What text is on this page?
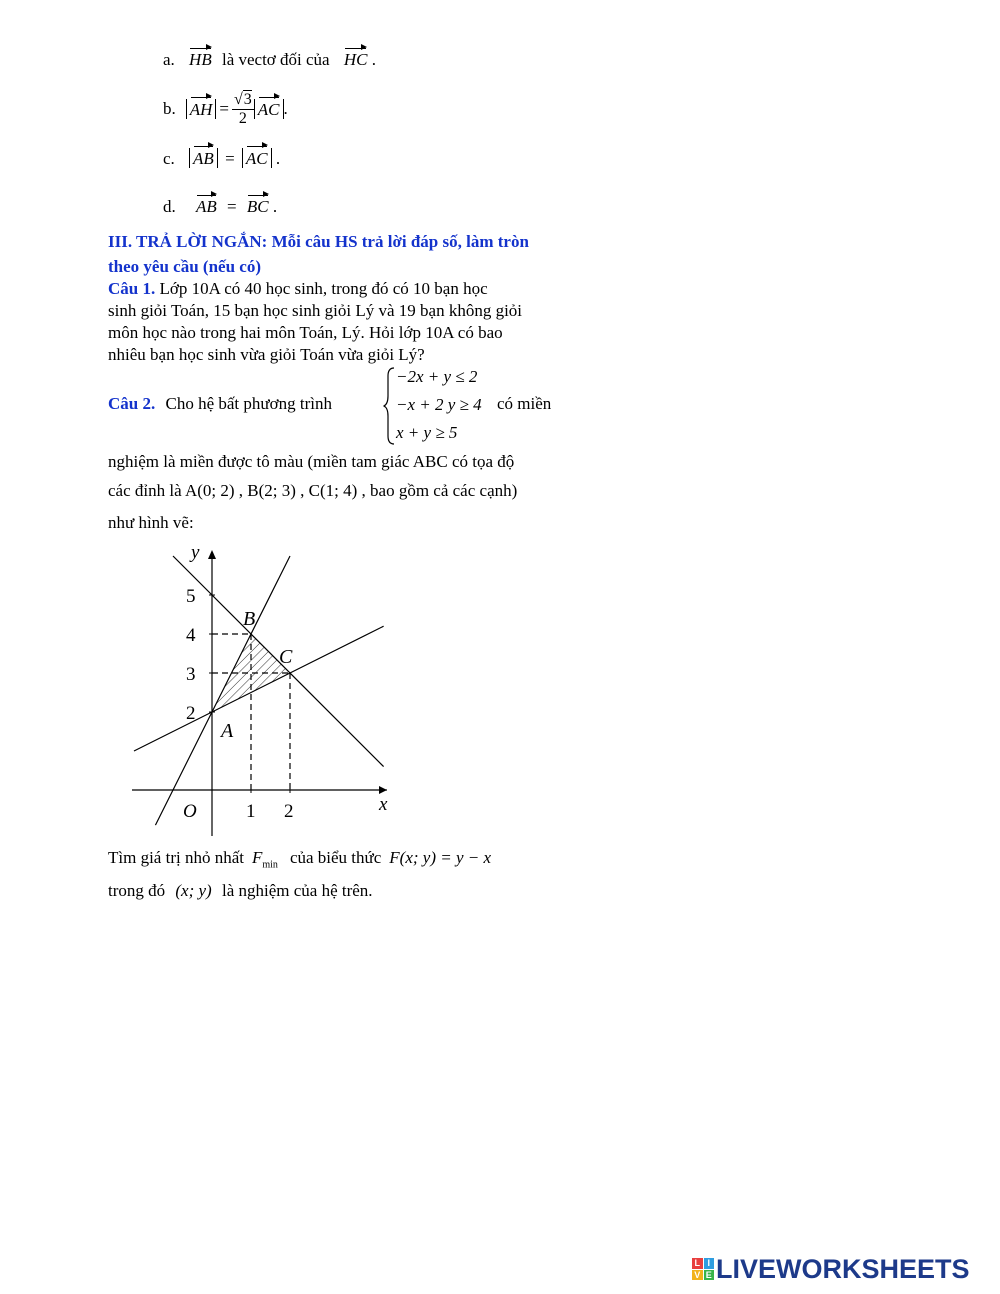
a. HB là vectơ đối của HC .
b. AH = $\frac{√3}{2}$ AC .
c. AB = AC .
d. AB = BC .
III. TRẢ LỜI NGẮN: Mỗi câu HS trả lời đáp số, làm tròn
theo yêu cầu (nếu có)
Câu 1. Lớp 10A có 40 học sinh, trong đó có 10 bạn học
sinh giỏi Toán, 15 bạn học sinh giỏi Lý và 19 bạn không giỏi
môn học nào trong hai môn Toán, Lý. Hỏi lớp 10A có bao
nhiêu bạn học sinh vừa giỏi Toán vừa giỏi Lý?
Câu 2. Cho hệ bất phương trình
−2x + y ≤ 2
−x + 2 y ≥ 4
x + y ≥ 5
có miền
nghiệm là miền được tô màu (miền tam giác ABC có tọa độ
các đỉnh là A(0; 2) , B(2; 3) , C(1; 4) , bao gồm cả các cạnh)
như hình vẽ:
x
y
O	1 2
2
3
4
5
A
B
C
Tìm giá trị nhỏ nhất $F_{min}$ của biểu thức F(x; y) = y − x
trong đó (x; y) là nghiệm của hệ trên.
L I
V E LIVEWORKSHEETS
